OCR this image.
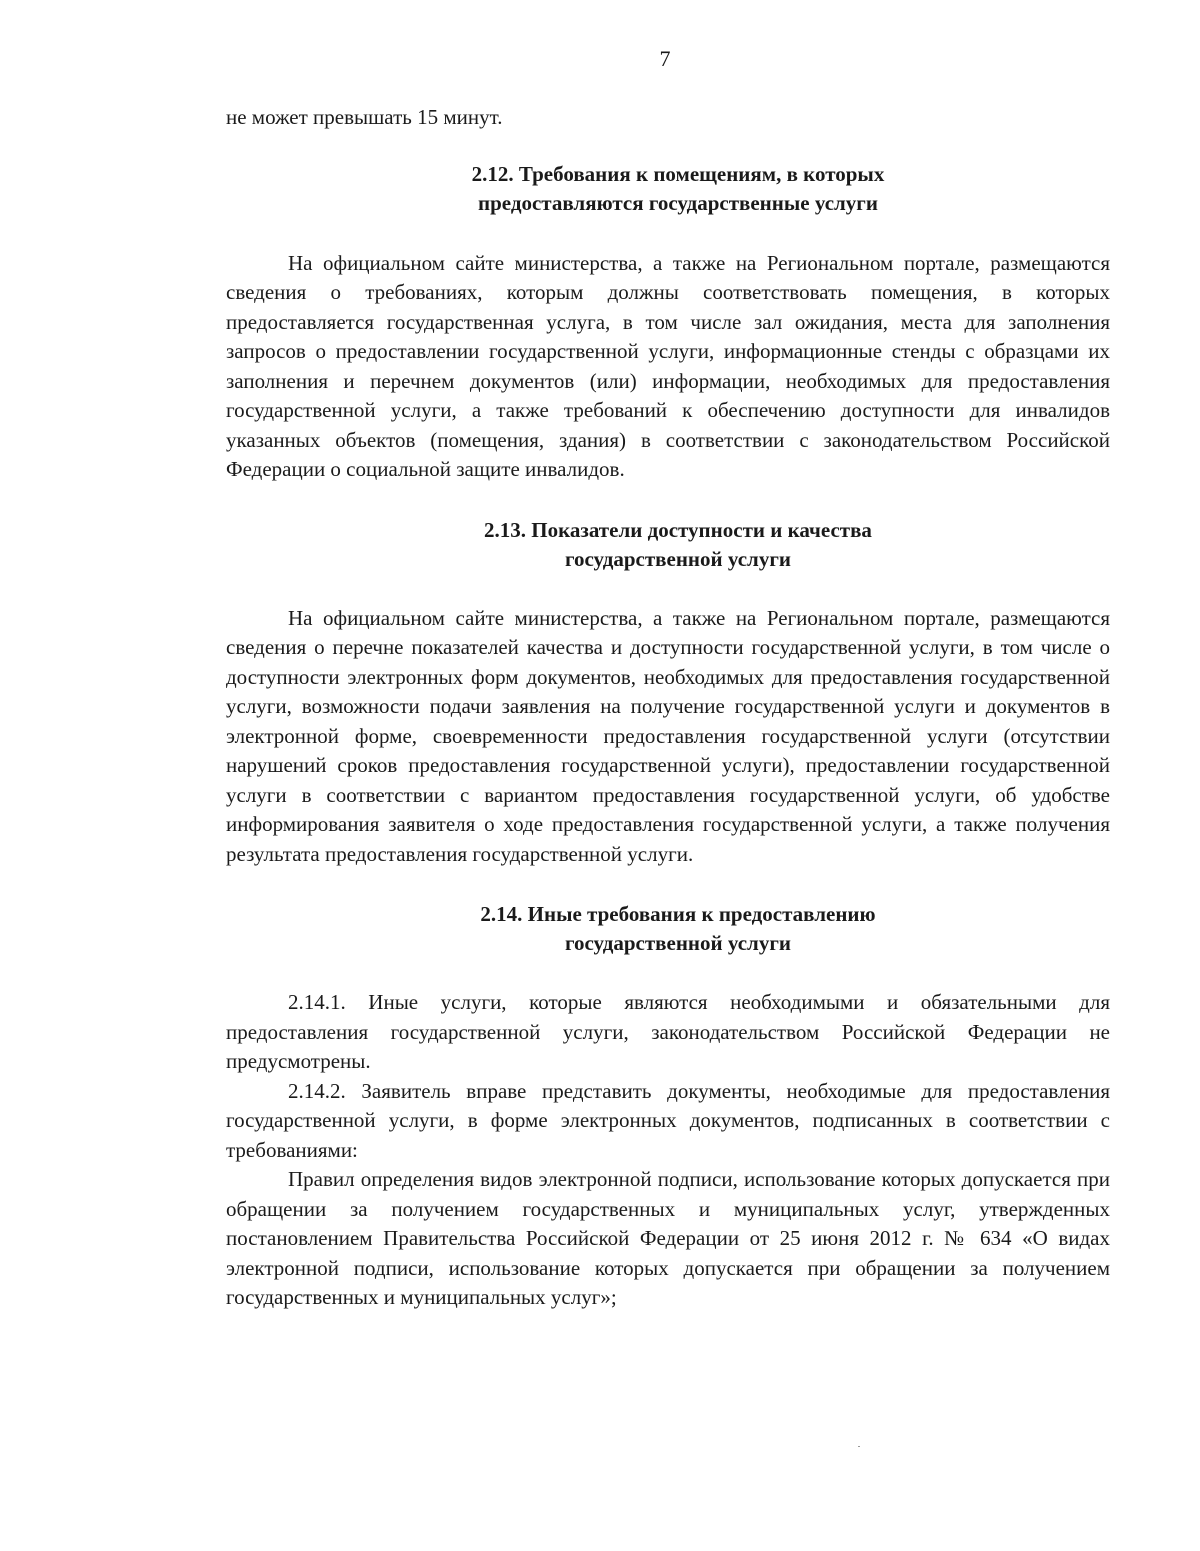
7

не может превышать 15 минут.

2.12. Требования к помещениям, в которых
предоставляются государственные услуги

На официальном сайте министерства, а также на Региональном портале, размещаются сведения о требованиях, которым должны соответствовать помещения, в которых предоставляется государственная услуга, в том числе зал ожидания, места для заполнения запросов о предоставлении государственной услуги, информационные стенды с образцами их заполнения и перечнем документов (или) информации, необходимых для предоставления государственной услуги, а также требований к обеспечению доступности для инвалидов указанных объектов (помещения, здания) в соответствии с законодательством Российской Федерации о социальной защите инвалидов.

2.13. Показатели доступности и качества
государственной услуги

На официальном сайте министерства, а также на Региональном портале, размещаются сведения о перечне показателей качества и доступности государственной услуги, в том числе о доступности электронных форм документов, необходимых для предоставления государственной услуги, возможности подачи заявления на получение государственной услуги и документов в электронной форме, своевременности предоставления государственной услуги (отсутствии нарушений сроков предоставления государственной услуги), предоставлении государственной услуги в соответствии с вариантом предоставления государственной услуги, об удобстве информирования заявителя о ходе предоставления государственной услуги, а также получения результата предоставления государственной услуги.

2.14. Иные требования к предоставлению
государственной услуги

2.14.1. Иные услуги, которые являются необходимыми и обязательными для предоставления государственной услуги, законодательством Российской Федерации не предусмотрены.

2.14.2. Заявитель вправе представить документы, необходимые для предоставления государственной услуги, в форме электронных документов, подписанных в соответствии с требованиями:

Правил определения видов электронной подписи, использование которых допускается при обращении за получением государственных и муниципальных услуг, утвержденных постановлением Правительства Российской Федерации от 25 июня 2012 г. № 634 «О видах электронной подписи, использование которых допускается при обращении за получением государственных и муниципальных услуг»;
